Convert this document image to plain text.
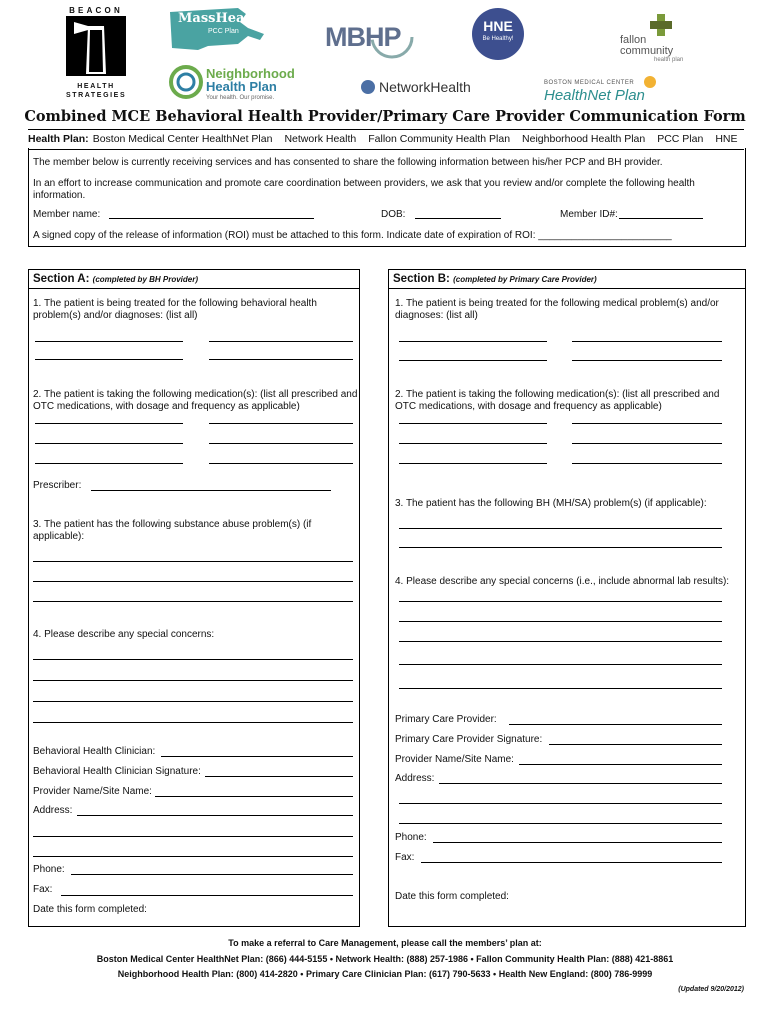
BEACON
HEALTH
STRATEGIES
MassHealth
PCC Plan	MBHP	HNE
Be Healthy!	fallon
community
health plan
Neighborhood
Health Plan
Your health. Our promise.
NetworkHealth	BOSTON MEDICAL CENTER
HealthNet Plan
Combined MCE Behavioral Health Provider/Primary Care Provider Communication Form
Health Plan: Boston Medical Center HealthNet Plan Network Health Fallon Community Health Plan Neighborhood Health Plan PCC Plan HNE
The member below is currently receiving services and has consented to share the following information between his/her PCP and BH provider.
In an effort to increase communication and promote care coordination between providers, we ask that you review and/or complete the following health information.
Member name:	DOB:	Member ID#:
A signed copy of the release of information (ROI) must be attached to this form. Indicate date of expiration of ROI: ________________________
Section A: (completed by BH Provider)
1. The patient is being treated for the following behavioral health problem(s) and/or diagnoses: (list all)
2. The patient is taking the following medication(s): (list all prescribed and OTC medications, with dosage and frequency as applicable)
Prescriber:
3. The patient has the following substance abuse problem(s) (if applicable):
4. Please describe any special concerns:
Behavioral Health Clinician:
Behavioral Health Clinician Signature:
Provider Name/Site Name:
Address:
Phone:
Fax:
Date this form completed:
Section B: (completed by Primary Care Provider)
1. The patient is being treated for the following medical problem(s) and/or diagnoses: (list all)
2. The patient is taking the following medication(s): (list all prescribed and OTC medications, with dosage and frequency as applicable)
3. The patient has the following BH (MH/SA) problem(s) (if applicable):
4. Please describe any special concerns (i.e., include abnormal lab results):
Primary Care Provider:
Primary Care Provider Signature:
Provider Name/Site Name:
Address:
Phone:
Fax:
Date this form completed:
To make a referral to Care Management, please call the members’ plan at:
Boston Medical Center HealthNet Plan: (866) 444-5155 • Network Health: (888) 257-1986 • Fallon Community Health Plan: (888) 421-8861
Neighborhood Health Plan: (800) 414-2820 • Primary Care Clinician Plan: (617) 790-5633 • Health New England: (800) 786-9999
(Updated 9/20/2012)
